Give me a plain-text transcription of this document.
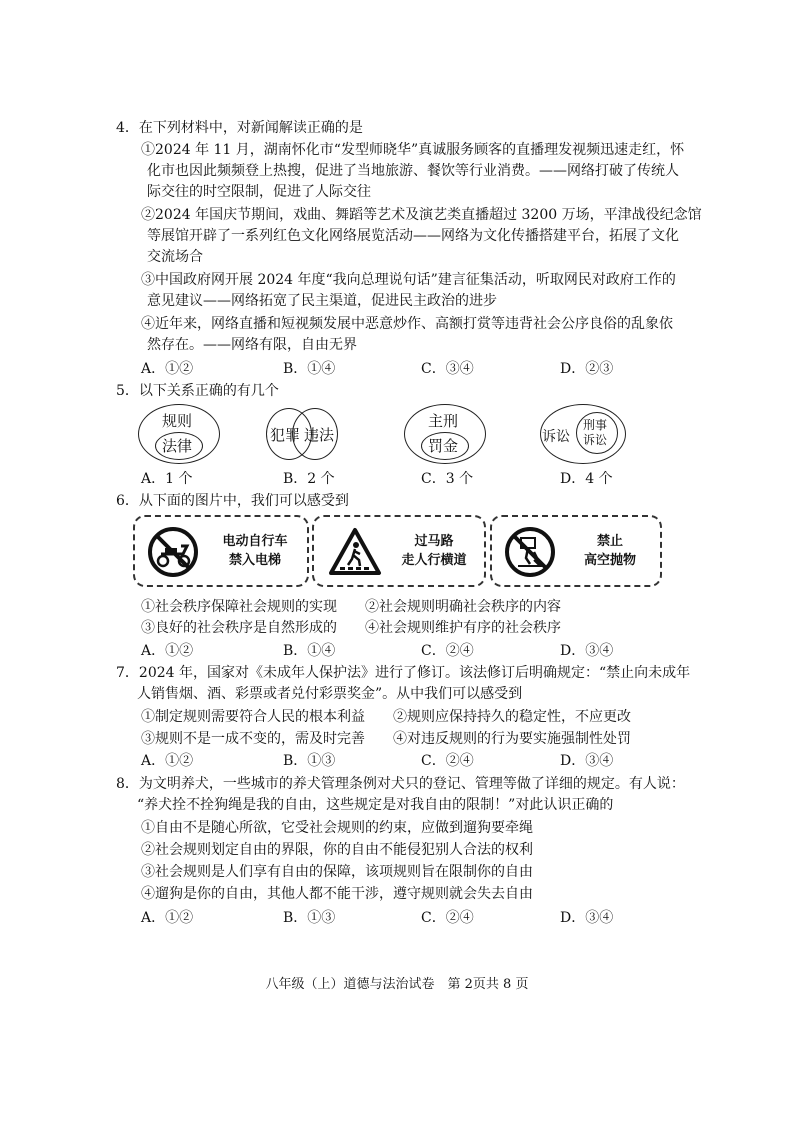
4．在下列材料中，对新闻解读正确的是
①2024 年 11 月，湖南怀化市“发型师晓华”真诚服务顾客的直播理发视频迅速走红，怀
化市也因此频频登上热搜，促进了当地旅游、餐饮等行业消费。——网络打破了传统人
际交往的时空限制，促进了人际交往
②2024 年国庆节期间，戏曲、舞蹈等艺术及演艺类直播超过 3200 万场，平津战役纪念馆
等展馆开辟了一系列红色文化网络展览活动——网络为文化传播搭建平台，拓展了文化
交流场合
③中国政府网开展 2024 年度“我向总理说句话”建言征集活动，听取网民对政府工作的
意见建议——网络拓宽了民主渠道，促进民主政治的进步
④近年来，网络直播和短视频发展中恶意炒作、高额打赏等违背社会公序良俗的乱象依
然存在。——网络有限，自由无界
A．①②	B．①④	C．③④	D．②③
5．以下关系正确的有几个
规则
法律
犯罪 违法
主刑
罚金	诉讼
刑事
诉讼
A．1 个	B．2 个	C．3 个	D．4 个
6．从下面的图片中，我们可以感受到
电动自行车
禁入电梯
过马路
走人行横道
禁止
高空抛物
①社会秩序保障社会规则的实现 ②社会规则明确社会秩序的内容
③良好的社会秩序是自然形成的 ④社会规则维护有序的社会秩序
A．①②	B．①④	C．②④	D．③④
7．2024 年，国家对《未成年人保护法》进行了修订。该法修订后明确规定：“禁止向未成年
人销售烟、酒、彩票或者兑付彩票奖金”。从中我们可以感受到
①制定规则需要符合人民的根本利益 ②规则应保持持久的稳定性，不应更改
③规则不是一成不变的，需及时完善 ④对违反规则的行为要实施强制性处罚
A．①②	B．①③	C．②④	D．③④
8．为文明养犬，一些城市的养犬管理条例对犬只的登记、管理等做了详细的规定。有人说：
“养犬拴不拴狗绳是我的自由，这些规定是对我自由的限制！”对此认识正确的
①自由不是随心所欲，它受社会规则的约束，应做到遛狗要牵绳
②社会规则划定自由的界限，你的自由不能侵犯别人合法的权利
③社会规则是人们享有自由的保障，该项规则旨在限制你的自由
④遛狗是你的自由，其他人都不能干涉，遵守规则就会失去自由
A．①②	B．①③	C．②④	D．③④
八年级（上）道德与法治试卷　第 2页共 8 页
